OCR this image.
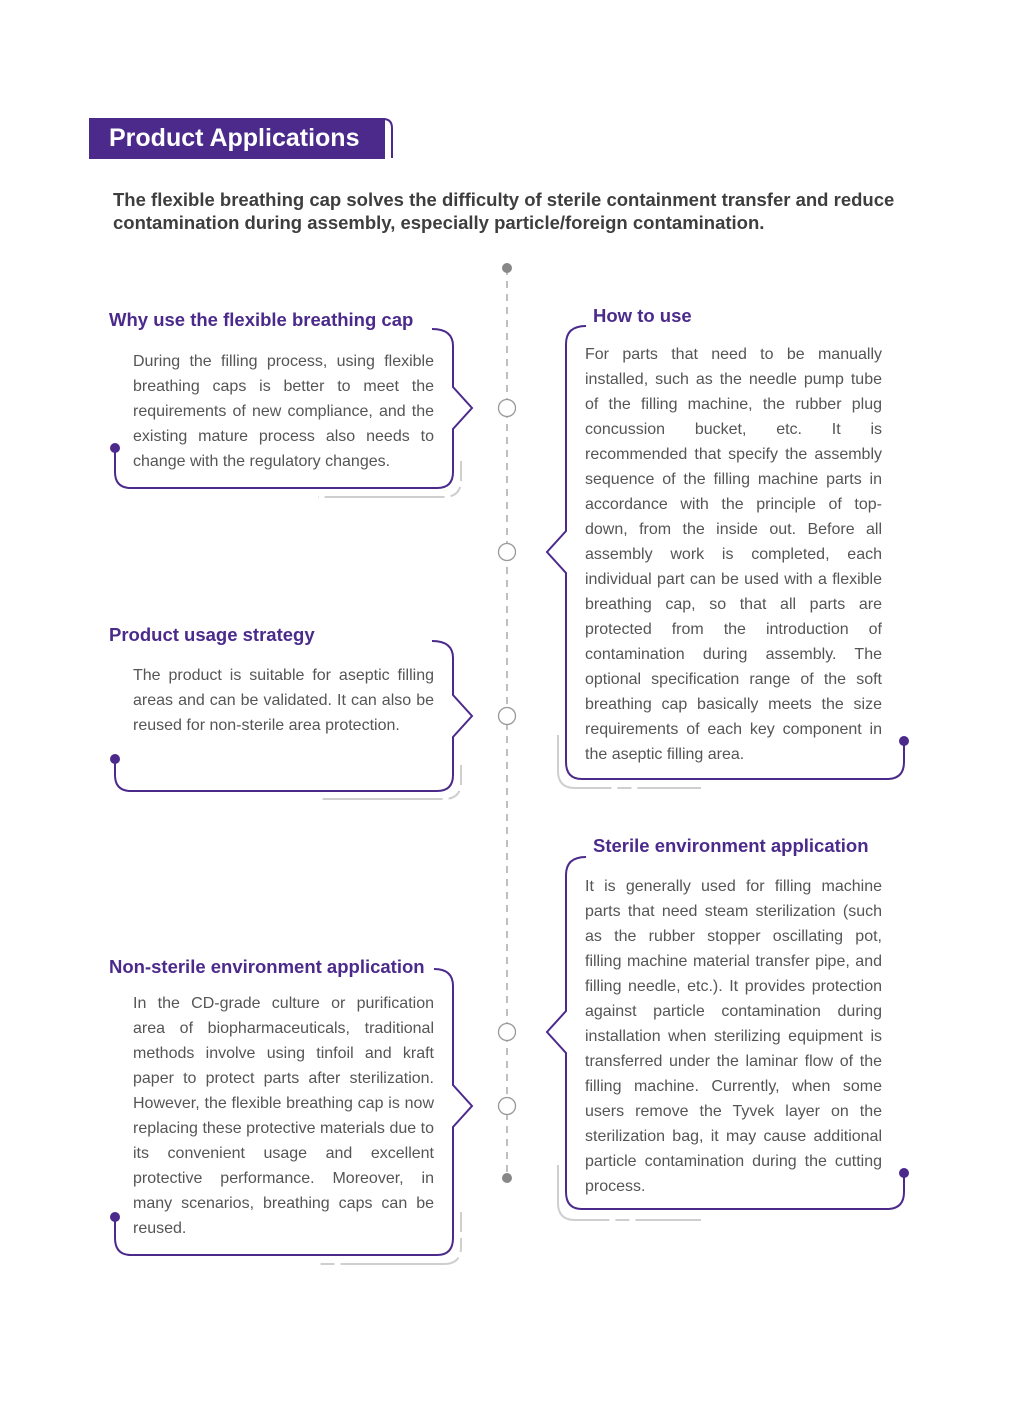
Product Applications
The flexible breathing cap solves the difficulty of sterile containment transfer and reduce contamination during assembly, especially particle/foreign contamination.
Why use the flexible breathing cap
During the filling process, using flexible breathing caps is better to meet the requirements of new compliance, and the existing mature process also needs to change with the regulatory changes.
How to use
For parts that need to be manually installed, such as the needle pump tube of the filling machine, the rubber plug concussion bucket, etc. It is recommended that specify the assembly sequence of the filling machine parts in accordance with the principle of top-down, from the inside out. Before all assembly work is completed, each individual part can be used with a flexible breathing cap, so that all parts are protected from the introduction of contamination during assembly. The optional specification range of the soft breathing cap basically meets the size requirements of each key component in the aseptic filling area.
Product usage strategy
The product is suitable for aseptic filling areas and can be validated. It can also be reused for non-sterile area protection.
Sterile environment application
It is generally used for filling machine parts that need steam sterilization (such as the rubber stopper oscillating pot, filling machine material transfer pipe, and filling needle, etc.). It provides protection against particle contamination during installation when sterilizing equipment is transferred under the laminar flow of the filling machine. Currently, when some users remove the Tyvek layer on the sterilization bag, it may cause additional particle contamination during the cutting process.
Non-sterile environment application
In the CD-grade culture or purification area of biopharmaceuticals, traditional methods involve using tinfoil and kraft paper to protect parts after sterilization. However, the flexible breathing cap is now replacing these protective materials due to its convenient usage and excellent protective performance. Moreover, in many scenarios, breathing caps can be reused.
